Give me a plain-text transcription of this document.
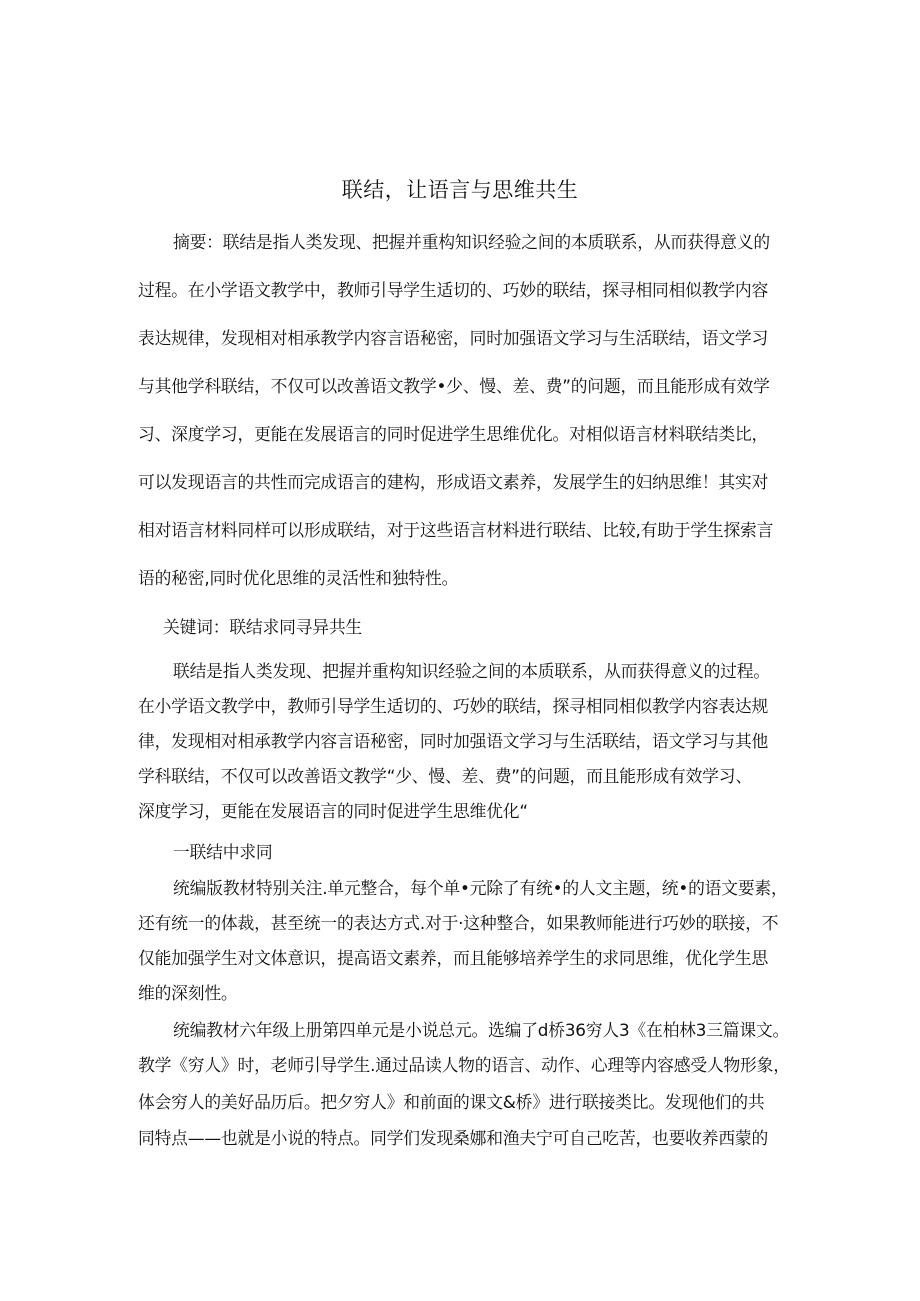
联结，让语言与思维共生
摘要：联结是指人类发现、把握并重构知识经验之间的本质联系，从而获得意义的
过程。在小学语文教学中，教师引导学生适切的、巧妙的联结，探寻相同相似教学内容
表达规律，发现相对相承教学内容言语秘密，同时加强语文学习与生活联结，语文学习
与其他学科联结，不仅可以改善语文教学•少、慢、差、费”的问题，而且能形成有效学
习、深度学习，更能在发展语言的同时促进学生思维优化。对相似语言材料联结类比，
可以发现语言的共性而完成语言的建构，形成语文素养，发展学生的妇纳思维！其实对
相对语言材料同样可以形成联结，对于这些语言材料进行联结、比较,有助于学生探索言
语的秘密,同时优化思维的灵活性和独特性。
关键词：联结求同寻异共生
联结是指人类发现、把握并重构知识经验之间的本质联系，从而获得意义的过程。
在小学语文教学中，教师引导学生适切的、巧妙的联结，探寻相同相似教学内容表达规
律，发现相对相承教学内容言语秘密，同时加强语文学习与生活联结，语文学习与其他
学科联结，不仅可以改善语文教学“少、慢、差、费”的问题，而且能形成有效学习、
深度学习，更能在发展语言的同时促进学生思维优化“
一联结中求同
统编版教材特别关注.单元整合，每个单•元除了有统•的人文主题，统•的语文要素，
还有统一的体裁，甚至统一的表达方式.对于·这种整合，如果教师能进行巧妙的联接，不
仅能加强学生对文体意识，提高语文素养，而且能够培养学生的求同思维，优化学生思
维的深刻性。
统编教材六年级上册第四单元是小说总元。选编了d桥36穷人3《在柏林3三篇课文。
教学《穷人》时，老师引导学生.通过品读人物的语言、动作、心理等内容感受人物形象，
体会穷人的美好品历后。把夕穷人》和前面的课文&桥》进行联接类比。发现他们的共
同特点——也就是小说的特点。同学们发现桑娜和渔夫宁可自己吃苦，也要收养西蒙的
